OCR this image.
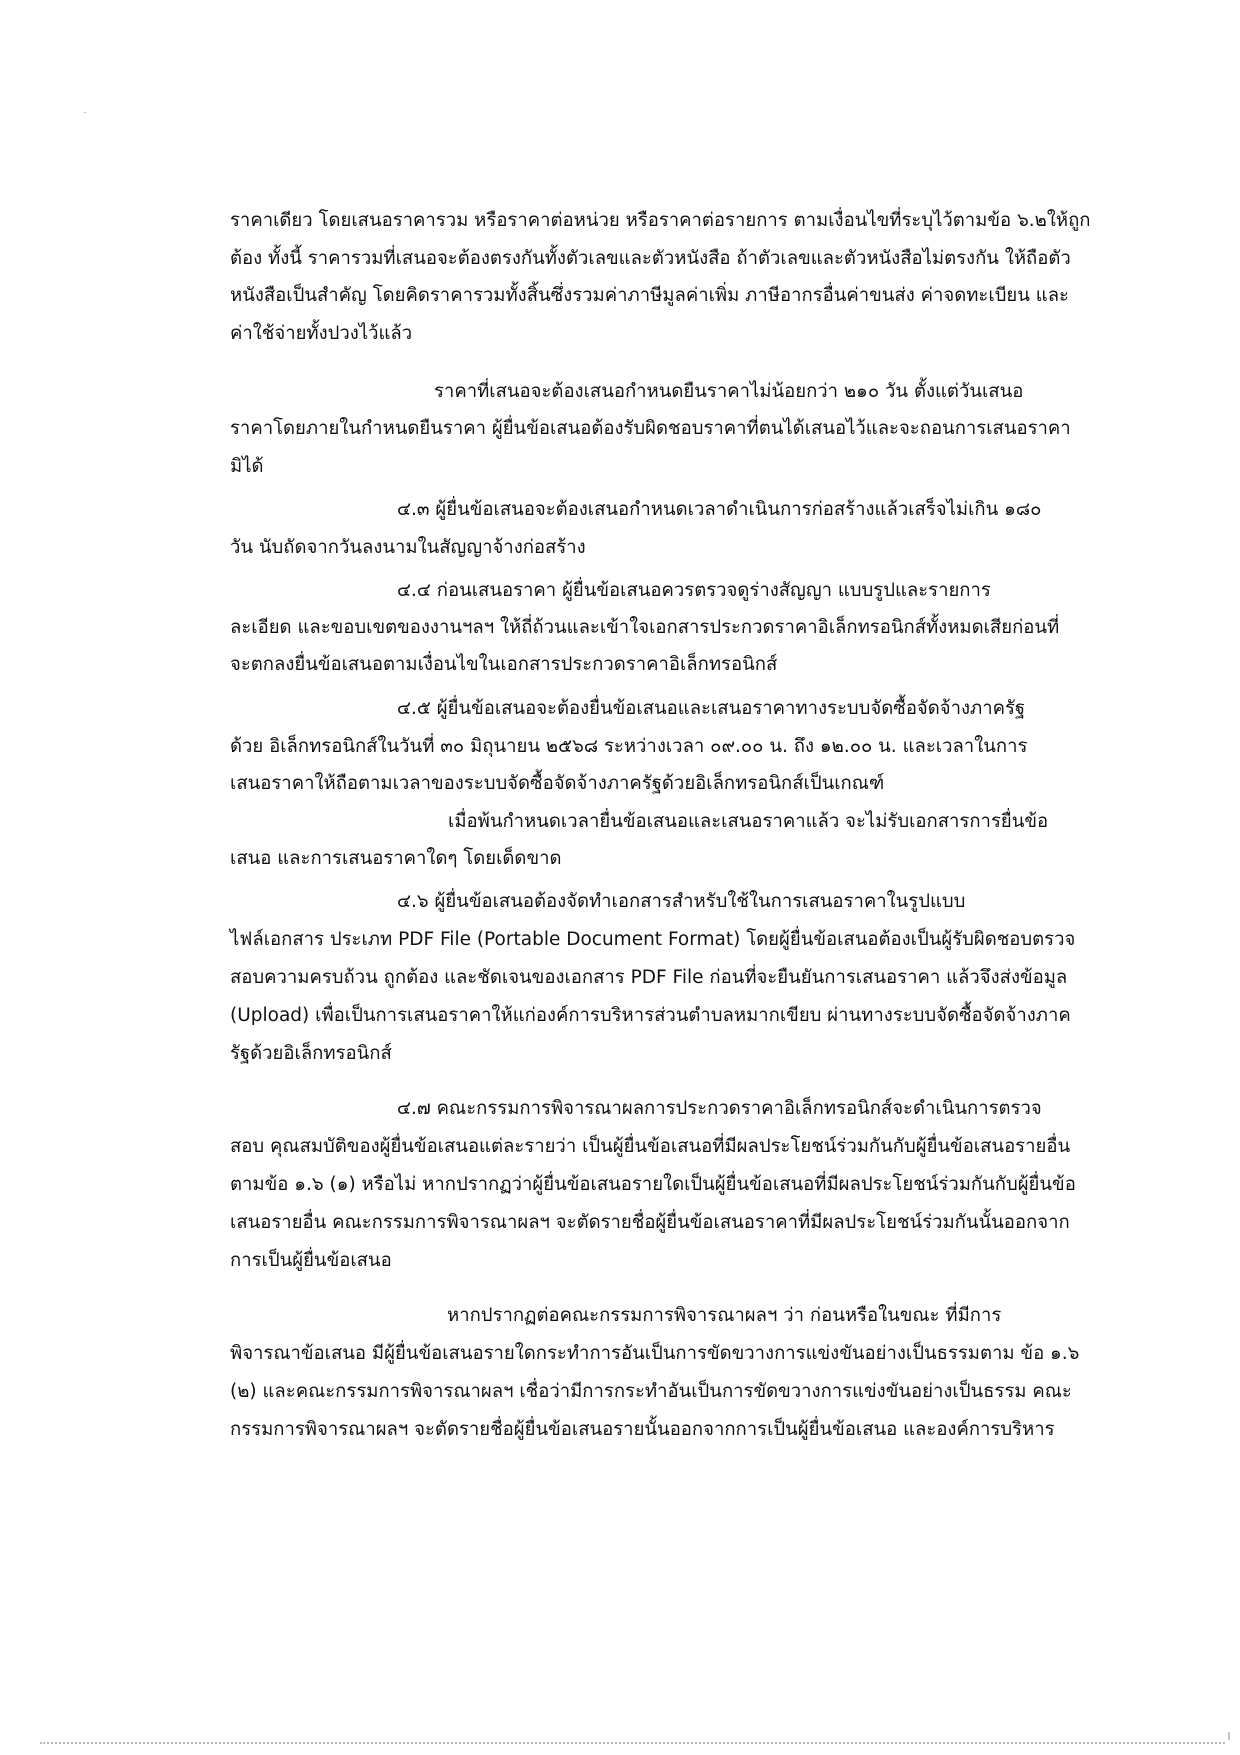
ราคาเดียว โดยเสนอราคารวม หรือราคาต่อหน่วย หรือราคาต่อรายการ ตามเงื่อนไขที่ระบุไว้ตามข้อ ๖.๒ให้ถูก
ต้อง ทั้งนี้ ราคารวมที่เสนอจะต้องตรงกันทั้งตัวเลขและตัวหนังสือ ถ้าตัวเลขและตัวหนังสือไม่ตรงกัน ให้ถือตัว
หนังสือเป็นสำคัญ โดยคิดราคารวมทั้งสิ้นซึ่งรวมค่าภาษีมูลค่าเพิ่ม ภาษีอากรอื่นค่าขนส่ง ค่าจดทะเบียน และ
ค่าใช้จ่ายทั้งปวงไว้แล้ว
ราคาที่เสนอจะต้องเสนอกำหนดยืนราคาไม่น้อยกว่า ๒๑๐ วัน ตั้งแต่วันเสนอ
ราคาโดยภายในกำหนดยืนราคา ผู้ยื่นข้อเสนอต้องรับผิดชอบราคาที่ตนได้เสนอไว้และจะถอนการเสนอราคา
มิได้
๔.๓ ผู้ยื่นข้อเสนอจะต้องเสนอกำหนดเวลาดำเนินการก่อสร้างแล้วเสร็จไม่เกิน ๑๘๐
วัน นับถัดจากวันลงนามในสัญญาจ้างก่อสร้าง
๔.๔ ก่อนเสนอราคา ผู้ยื่นข้อเสนอควรตรวจดูร่างสัญญา แบบรูปและรายการ
ละเอียด และขอบเขตของงานฯลฯ ให้ถี่ถ้วนและเข้าใจเอกสารประกวดราคาอิเล็กทรอนิกส์ทั้งหมดเสียก่อนที่
จะตกลงยื่นข้อเสนอตามเงื่อนไขในเอกสารประกวดราคาอิเล็กทรอนิกส์
๔.๕ ผู้ยื่นข้อเสนอจะต้องยื่นข้อเสนอและเสนอราคาทางระบบจัดซื้อจัดจ้างภาครัฐ
ด้วย อิเล็กทรอนิกส์ในวันที่ ๓๐ มิถุนายน ๒๕๖๘ ระหว่างเวลา ๐๙.๐๐ น. ถึง ๑๒.๐๐ น. และเวลาในการ
เสนอราคาให้ถือตามเวลาของระบบจัดซื้อจัดจ้างภาครัฐด้วยอิเล็กทรอนิกส์เป็นเกณฑ์
เมื่อพ้นกำหนดเวลายื่นข้อเสนอและเสนอราคาแล้ว จะไม่รับเอกสารการยื่นข้อ
เสนอ และการเสนอราคาใดๆ โดยเด็ดขาด
๔.๖ ผู้ยื่นข้อเสนอต้องจัดทำเอกสารสำหรับใช้ในการเสนอราคาในรูปแบบ
ไฟล์เอกสาร ประเภท PDF File (Portable Document Format) โดยผู้ยื่นข้อเสนอต้องเป็นผู้รับผิดชอบตรวจ
สอบความครบถ้วน ถูกต้อง และชัดเจนของเอกสาร PDF File ก่อนที่จะยืนยันการเสนอราคา แล้วจึงส่งข้อมูล
(Upload) เพื่อเป็นการเสนอราคาให้แก่องค์การบริหารส่วนตำบลหมากเขียบ ผ่านทางระบบจัดซื้อจัดจ้างภาค
รัฐด้วยอิเล็กทรอนิกส์
๔.๗ คณะกรรมการพิจารณาผลการประกวดราคาอิเล็กทรอนิกส์จะดำเนินการตรวจ
สอบ คุณสมบัติของผู้ยื่นข้อเสนอแต่ละรายว่า เป็นผู้ยื่นข้อเสนอที่มีผลประโยชน์ร่วมกันกับผู้ยื่นข้อเสนอรายอื่น
ตามข้อ ๑.๖ (๑) หรือไม่ หากปรากฏว่าผู้ยื่นข้อเสนอรายใดเป็นผู้ยื่นข้อเสนอที่มีผลประโยชน์ร่วมกันกับผู้ยื่นข้อ
เสนอรายอื่น คณะกรรมการพิจารณาผลฯ จะตัดรายชื่อผู้ยื่นข้อเสนอราคาที่มีผลประโยชน์ร่วมกันนั้นออกจาก
การเป็นผู้ยื่นข้อเสนอ
หากปรากฏต่อคณะกรรมการพิจารณาผลฯ ว่า ก่อนหรือในขณะ ที่มีการ
พิจารณาข้อเสนอ มีผู้ยื่นข้อเสนอรายใดกระทำการอันเป็นการขัดขวางการแข่งขันอย่างเป็นธรรมตาม ข้อ ๑.๖
(๒) และคณะกรรมการพิจารณาผลฯ เชื่อว่ามีการกระทำอันเป็นการขัดขวางการแข่งขันอย่างเป็นธรรม คณะ
กรรมการพิจารณาผลฯ จะตัดรายชื่อผู้ยื่นข้อเสนอรายนั้นออกจากการเป็นผู้ยื่นข้อเสนอ และองค์การบริหาร
